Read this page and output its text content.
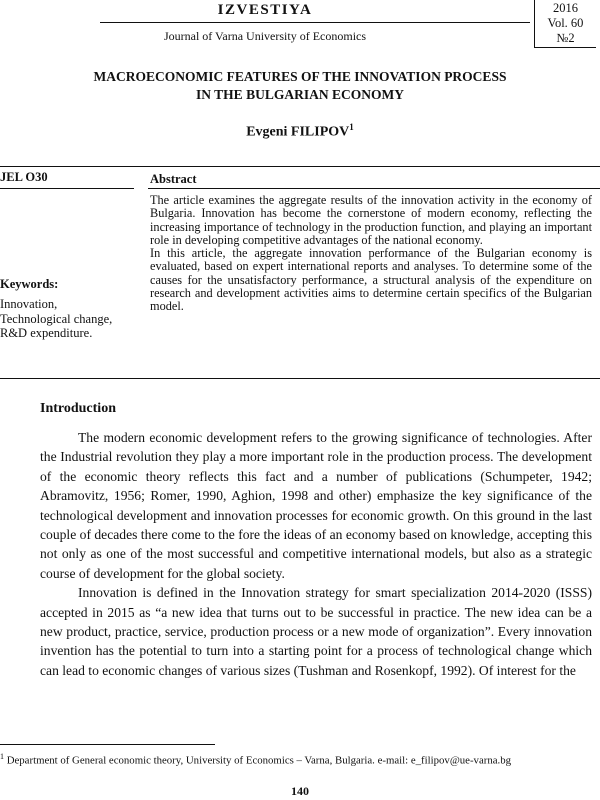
IZVESTIYA
Journal of Varna University of Economics
2016
Vol. 60
№2
MACROECONOMIC FEATURES OF THE INNOVATION PROCESS
IN THE BULGARIAN ECONOMY
Evgeni FILIPOV$^1$
JEL O30
Keywords:
Innovation, Technological change, R&D expenditure.
Abstract

The article examines the aggregate results of the innovation activity in the economy of Bulgaria. Innovation has become the cornerstone of modern economy, reflecting the increasing importance of technology in the production function, and playing an important role in developing competitive advantages of the national economy.

In this article, the aggregate innovation performance of the Bulgarian economy is evaluated, based on expert international reports and analyses. To determine some of the causes for the unsatisfactory performance, a structural analysis of the expenditure on research and development activities aims to determine certain specifics of the Bulgarian model.

Introduction

The modern economic development refers to the growing significance of technologies. After the Industrial revolution they play a more important role in the production process. The development of the economic theory reflects this fact and a number of publications (Schumpeter, 1942; Abramovitz, 1956; Romer, 1990, Aghion, 1998 and other) emphasize the key significance of the technological development and innovation processes for economic growth. On this ground in the last couple of decades there come to the fore the ideas of an economy based on knowledge, accepting this not only as one of the most successful and competitive international models, but also as a strategic course of development for the global society.

Innovation is defined in the Innovation strategy for smart specialization 2014-2020 (ISSS) accepted in 2015 as “a new idea that turns out to be successful in practice. The new idea can be a new product, practice, service, production process or a new mode of organization”. Every innovation invention has the potential to turn into a starting point for a process of technological change which can lead to economic changes of various sizes (Tushman and Rosenkopf, 1992). Of interest for the

$^1$ Department of General economic theory, University of Economics – Varna, Bulgaria. e-mail: e_filipov@ue-varna.bg
140
